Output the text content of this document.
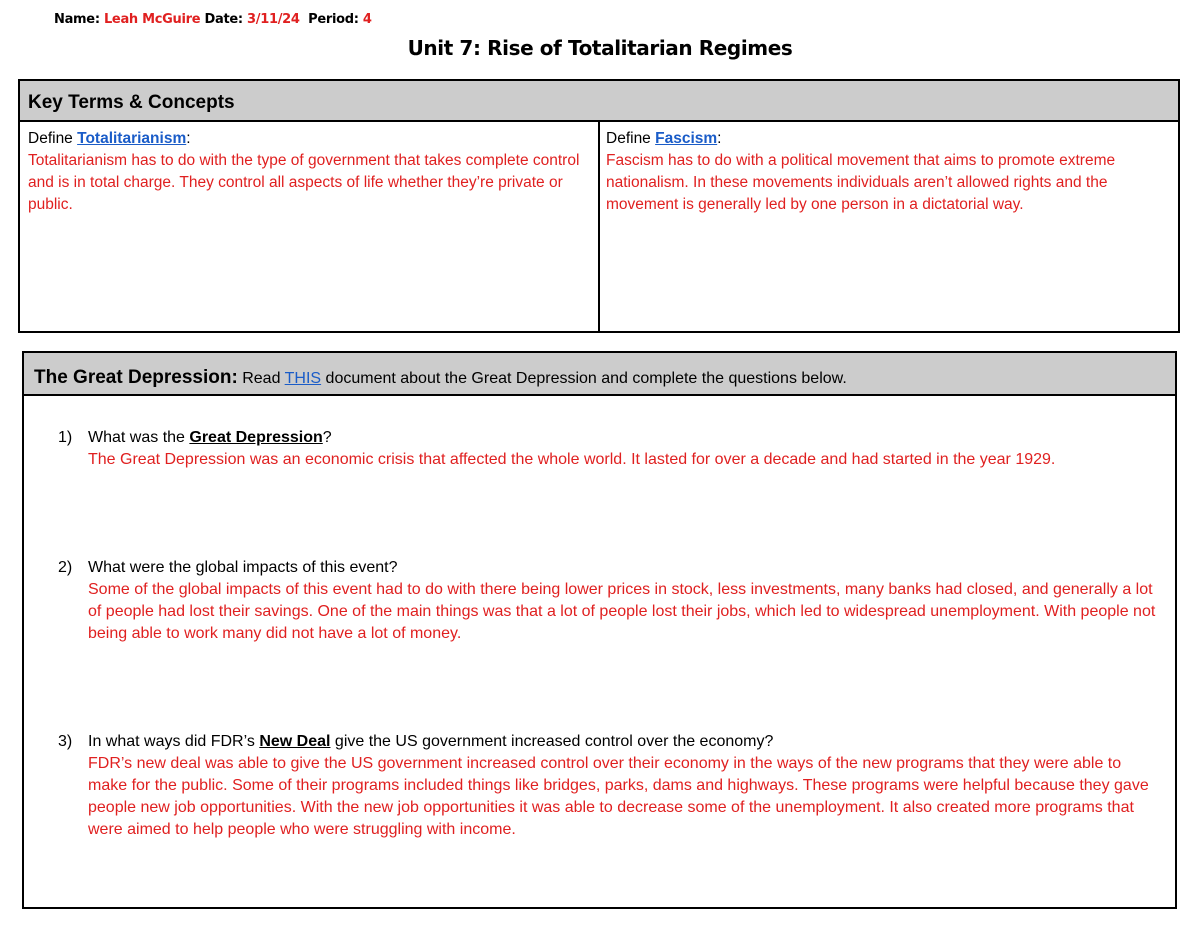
Name: Leah McGuire Date: 3/11/24 Period: 4
Unit 7: Rise of Totalitarian Regimes
Key Terms & Concepts
Define Totalitarianism:
Totalitarianism has to do with the type of government that takes complete control and is in total charge. They control all aspects of life whether they’re private or public.
Define Fascism:
Fascism has to do with a political movement that aims to promote extreme nationalism. In these movements individuals aren’t allowed rights and the movement is generally led by one person in a dictatorial way.
The Great Depression: Read THIS document about the Great Depression and complete the questions below.
1) What was the Great Depression?
The Great Depression was an economic crisis that affected the whole world. It lasted for over a decade and had started in the year 1929.
2) What were the global impacts of this event?
Some of the global impacts of this event had to do with there being lower prices in stock, less investments, many banks had closed, and generally a lot of people had lost their savings. One of the main things was that a lot of people lost their jobs, which led to widespread unemployment. With people not being able to work many did not have a lot of money.
3) In what ways did FDR’s New Deal give the US government increased control over the economy?
FDR’s new deal was able to give the US government increased control over their economy in the ways of the new programs that they were able to make for the public. Some of their programs included things like bridges, parks, dams and highways. These programs were helpful because they gave people new job opportunities. With the new job opportunities it was able to decrease some of the unemployment. It also created more programs that were aimed to help people who were struggling with income.
